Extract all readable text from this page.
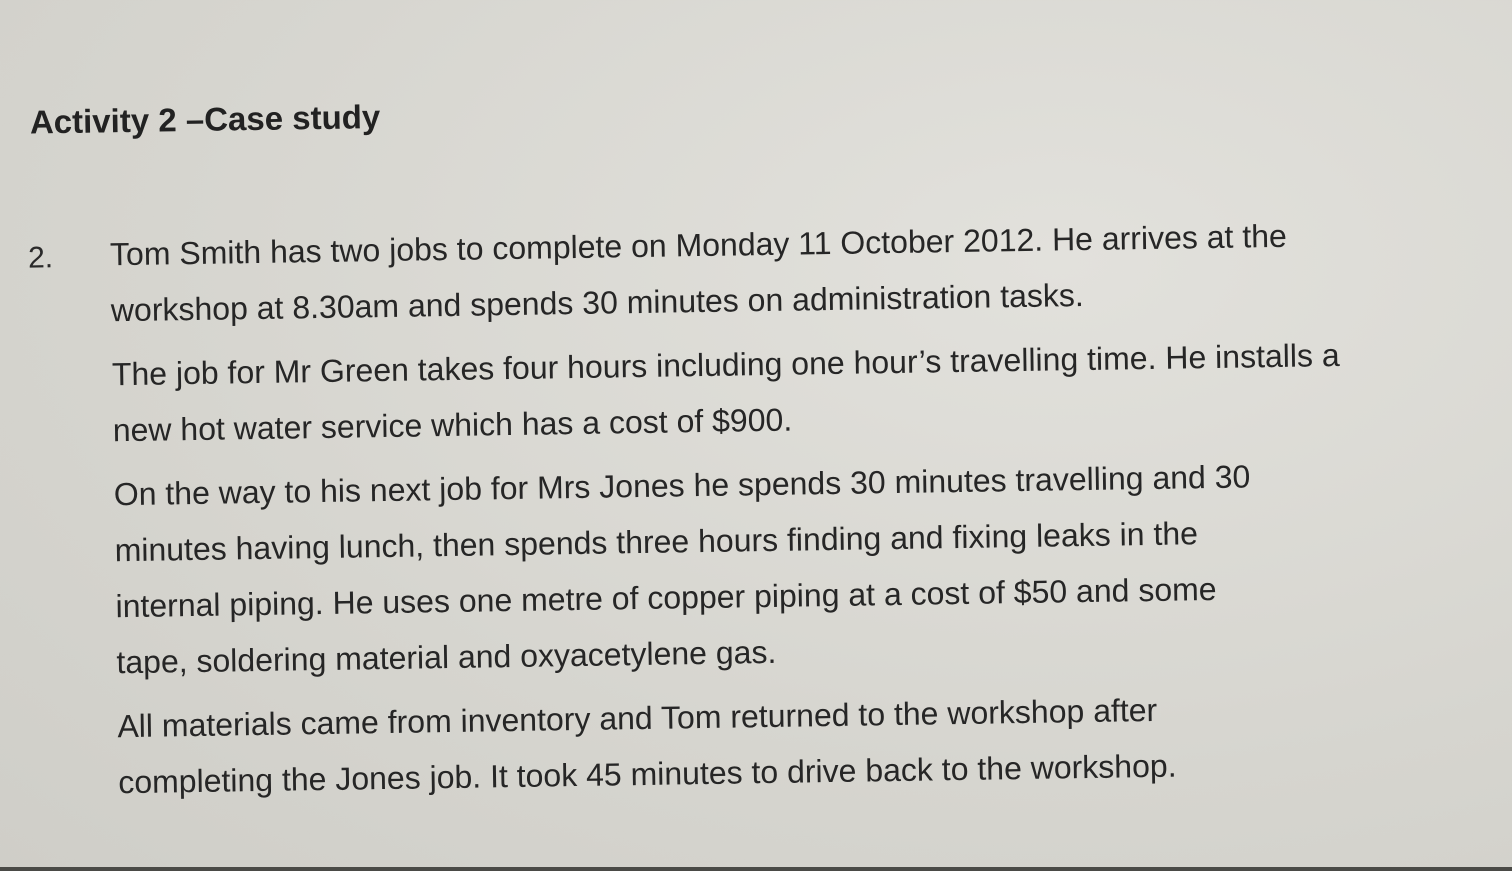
Activity 2 –Case study
2. Tom Smith has two jobs to complete on Monday 11 October 2012. He arrives at the
workshop at 8.30am and spends 30 minutes on administration tasks.

The job for Mr Green takes four hours including one hour’s travelling time. He installs a
new hot water service which has a cost of $900.

On the way to his next job for Mrs Jones he spends 30 minutes travelling and 30
minutes having lunch, then spends three hours finding and fixing leaks in the
internal piping. He uses one metre of copper piping at a cost of $50 and some
tape, soldering material and oxyacetylene gas.

All materials came from inventory and Tom returned to the workshop after
completing the Jones job. It took 45 minutes to drive back to the workshop.
